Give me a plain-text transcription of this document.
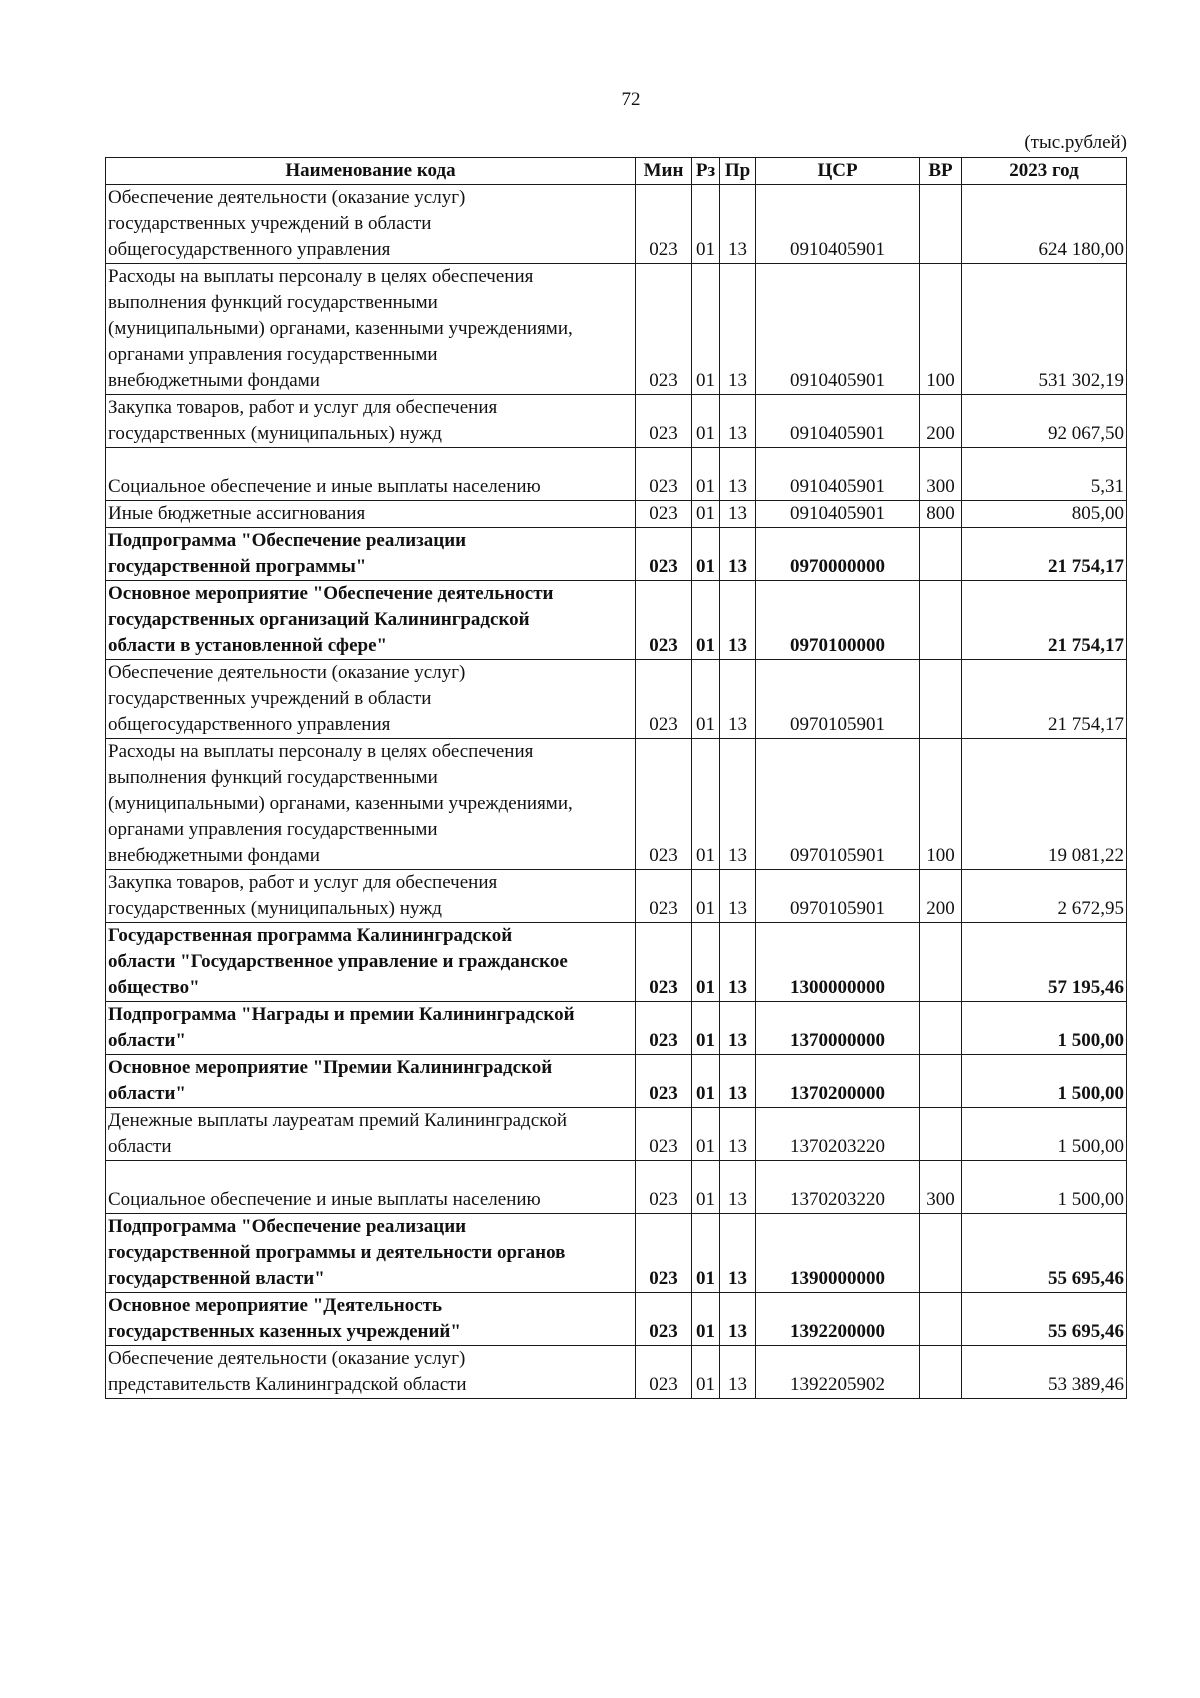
72
(тыс.рублей)
Наименование кода	Мин	Рз	Пр	ЦСР	ВР	2023 год

Обеспечение деятельности (оказание услуг)
государственных учреждений в области
общегосударственного управления	023	01	13	0910405901		624 180,00

Расходы на выплаты персоналу в целях обеспечения
выполнения функций государственными
(муниципальными) органами, казенными учреждениями,
органами управления государственными
внебюджетными фондами	023	01	13	0910405901	100	531 302,19

Закупка товаров, работ и услуг для обеспечения
государственных (муниципальных) нужд	023	01	13	0910405901	200	92 067,50

Социальное обеспечение и иные выплаты населению	023	01	13	0910405901	300	5,31

Иные бюджетные ассигнования	023	01	13	0910405901	800	805,00

Подпрограмма "Обеспечение реализации
государственной программы"	023	01	13	0970000000		21 754,17

Основное мероприятие "Обеспечение деятельности
государственных организаций Калининградской
области в установленной сфере"	023	01	13	0970100000		21 754,17

Обеспечение деятельности (оказание услуг)
государственных учреждений в области
общегосударственного управления	023	01	13	0970105901		21 754,17

Расходы на выплаты персоналу в целях обеспечения
выполнения функций государственными
(муниципальными) органами, казенными учреждениями,
органами управления государственными
внебюджетными фондами	023	01	13	0970105901	100	19 081,22

Закупка товаров, работ и услуг для обеспечения
государственных (муниципальных) нужд	023	01	13	0970105901	200	2 672,95

Государственная программа Калининградской
области "Государственное управление и гражданское
общество"	023	01	13	1300000000		57 195,46

Подпрограмма "Награды и премии Калининградской
области"	023	01	13	1370000000		1 500,00

Основное мероприятие "Премии Калининградской
области"	023	01	13	1370200000		1 500,00

Денежные выплаты лауреатам премий Калининградской
области	023	01	13	1370203220		1 500,00

Социальное обеспечение и иные выплаты населению	023	01	13	1370203220	300	1 500,00

Подпрограмма "Обеспечение реализации
государственной программы и деятельности органов
государственной власти"	023	01	13	1390000000		55 695,46

Основное мероприятие "Деятельность
государственных казенных учреждений"	023	01	13	1392200000		55 695,46

Обеспечение деятельности (оказание услуг)
представительств Калининградской области	023	01	13	1392205902		53 389,46
